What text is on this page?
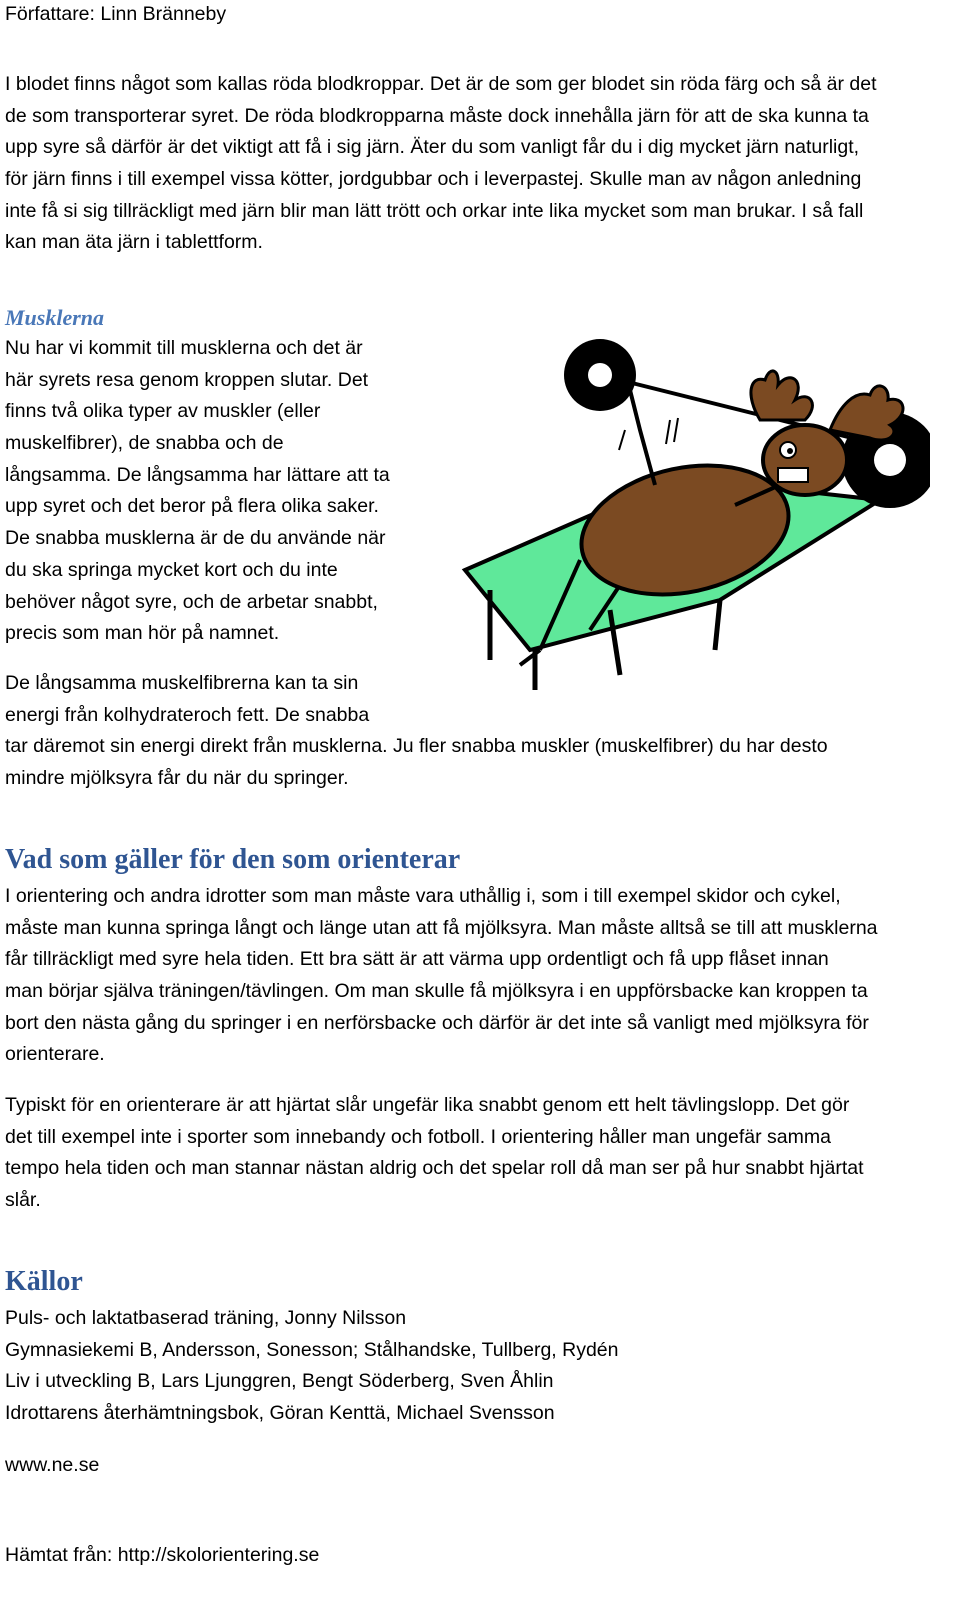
Författare: Linn Bränneby
I blodet finns något som kallas röda blodkroppar. Det är de som ger blodet sin röda färg och så är det
de som transporterar syret. De röda blodkropparna måste dock innehålla järn för att de ska kunna ta
upp syre så därför är det viktigt att få i sig järn. Äter du som vanligt får du i dig mycket järn naturligt,
för järn finns i till exempel vissa kötter, jordgubbar och i leverpastej. Skulle man av någon anledning
inte få si sig tillräckligt med järn blir man lätt trött och orkar inte lika mycket som man brukar. I så fall
kan man äta järn i tablettform.
Musklerna
Nu har vi kommit till musklerna och det är
här syrets resa genom kroppen slutar. Det
finns två olika typer av muskler (eller
muskelfibrer), de snabba och de
långsamma. De långsamma har lättare att ta
upp syret och det beror på flera olika saker.
De snabba musklerna är de du använde när
du ska springa mycket kort och du inte
behöver något syre, och de arbetar snabbt,
precis som man hör på namnet.
De långsamma muskelfibrerna kan ta sin
energi från kolhydrateroch fett. De snabba
tar däremot sin energi direkt från musklerna. Ju fler snabba muskler (muskelfibrer) du har desto
mindre mjölksyra får du när du springer.
Vad som gäller för den som orienterar
I orientering och andra idrotter som man måste vara uthållig i, som i till exempel skidor och cykel,
måste man kunna springa långt och länge utan att få mjölksyra. Man måste alltså se till att musklerna
får tillräckligt med syre hela tiden. Ett bra sätt är att värma upp ordentligt och få upp flåset innan
man börjar själva träningen/tävlingen. Om man skulle få mjölksyra i en uppförsbacke kan kroppen ta
bort den nästa gång du springer i en nerförsbacke och därför är det inte så vanligt med mjölksyra för
orienterare.
Typiskt för en orienterare är att hjärtat slår ungefär lika snabbt genom ett helt tävlingslopp. Det gör
det till exempel inte i sporter som innebandy och fotboll. I orientering håller man ungefär samma
tempo hela tiden och man stannar nästan aldrig och det spelar roll då man ser på hur snabbt hjärtat
slår.
Källor
Puls- och laktatbaserad träning, Jonny Nilsson
Gymnasiekemi B, Andersson, Sonesson; Stålhandske, Tullberg, Rydén
Liv i utveckling B, Lars Ljunggren, Bengt Söderberg, Sven Åhlin
Idrottarens återhämtningsbok, Göran Kenttä, Michael Svensson
www.ne.se
Hämtat från: http://skolorientering.se
